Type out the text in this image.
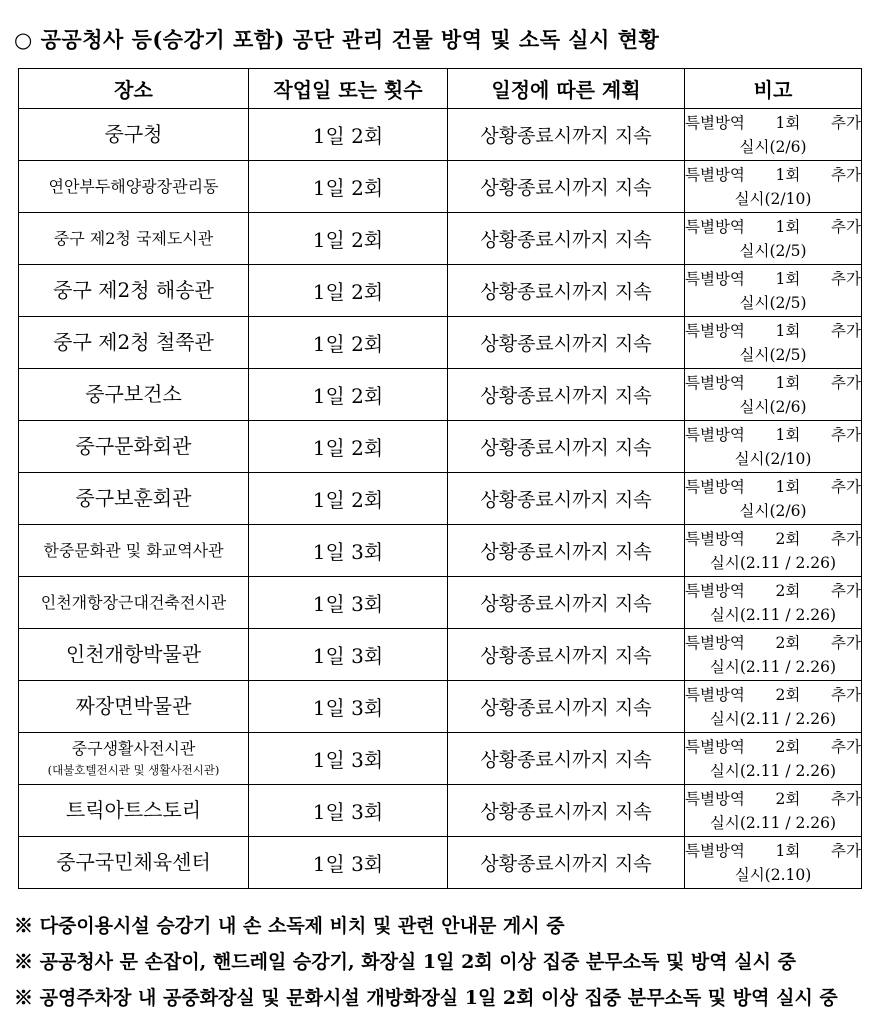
○ 공공청사 등(승강기 포함) 공단 관리 건물 방역 및 소독 실시 현황
장소	작업일 또는 횟수	일정에 따른 계획	비고
중구청	1일 2회	상황종료시까지 지속	특별방역 1회 추가
실시(2/6)

연안부두해양광장관리동	1일 2회	상황종료시까지 지속	특별방역 1회 추가
실시(2/10)

중구 제2청 국제도시관	1일 2회	상황종료시까지 지속	특별방역 1회 추가
실시(2/5)

중구 제2청 해송관	1일 2회	상황종료시까지 지속	특별방역 1회 추가
실시(2/5)

중구 제2청 철쭉관	1일 2회	상황종료시까지 지속	특별방역 1회 추가
실시(2/5)

중구보건소	1일 2회	상황종료시까지 지속	특별방역 1회 추가
실시(2/6)

중구문화회관	1일 2회	상황종료시까지 지속	특별방역 1회 추가
실시(2/10)

중구보훈회관	1일 2회	상황종료시까지 지속	특별방역 1회 추가
실시(2/6)

한중문화관 및 화교역사관	1일 3회	상황종료시까지 지속	특별방역 2회 추가
실시(2.11 / 2.26)

인천개항장근대건축전시관	1일 3회	상황종료시까지 지속	특별방역 2회 추가
실시(2.11 / 2.26)

인천개항박물관	1일 3회	상황종료시까지 지속	특별방역 2회 추가
실시(2.11 / 2.26)

짜장면박물관	1일 3회	상황종료시까지 지속	특별방역 2회 추가
실시(2.11 / 2.26)

중구생활사전시관
(대불호텔전시관 및 생활사전시관)	1일 3회	상황종료시까지 지속	특별방역 2회 추가
실시(2.11 / 2.26)

트릭아트스토리	1일 3회	상황종료시까지 지속	특별방역 2회 추가
실시(2.11 / 2.26)

중구국민체육센터	1일 3회	상황종료시까지 지속	특별방역 1회 추가
실시(2.10)
※ 다중이용시설 승강기 내 손 소독제 비치 및 관련 안내문 게시 중
※ 공공청사 문 손잡이, 핸드레일 승강기, 화장실 1일 2회 이상 집중 분무소독 및 방역 실시 중
※ 공영주차장 내 공중화장실 및 문화시설 개방화장실 1일 2회 이상 집중 분무소독 및 방역 실시 중
